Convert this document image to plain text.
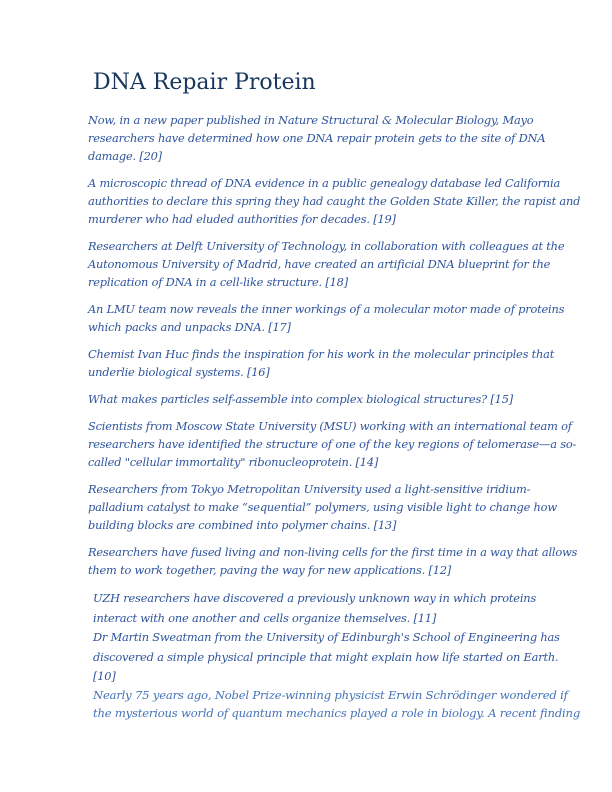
DNA Repair Protein

Now, in a new paper published in Nature Structural & Molecular Biology, Mayo
researchers have determined how one DNA repair protein gets to the site of DNA
damage. [20]

A microscopic thread of DNA evidence in a public genealogy database led California
authorities to declare this spring they had caught the Golden State Killer, the rapist and
murderer who had eluded authorities for decades. [19]

Researchers at Delft University of Technology, in collaboration with colleagues at the
Autonomous University of Madrid, have created an artificial DNA blueprint for the
replication of DNA in a cell-like structure. [18]

An LMU team now reveals the inner workings of a molecular motor made of proteins
which packs and unpacks DNA. [17]

Chemist Ivan Huc finds the inspiration for his work in the molecular principles that
underlie biological systems. [16]

What makes particles self-assemble into complex biological structures? [15]

Scientists from Moscow State University (MSU) working with an international team of
researchers have identified the structure of one of the key regions of telomerase—a so-
called "cellular immortality" ribonucleoprotein. [14]

Researchers from Tokyo Metropolitan University used a light-sensitive iridium-
palladium catalyst to make “sequential” polymers, using visible light to change how
building blocks are combined into polymer chains. [13]

Researchers have fused living and non-living cells for the first time in a way that allows
them to work together, paving the way for new applications. [12]

UZH researchers have discovered a previously unknown way in which proteins
interact with one another and cells organize themselves. [11]

Dr Martin Sweatman from the University of Edinburgh's School of Engineering has
discovered a simple physical principle that might explain how life started on Earth.
[10]

Nearly 75 years ago, Nobel Prize-winning physicist Erwin Schrödinger wondered if
the mysterious world of quantum mechanics played a role in biology. A recent finding
